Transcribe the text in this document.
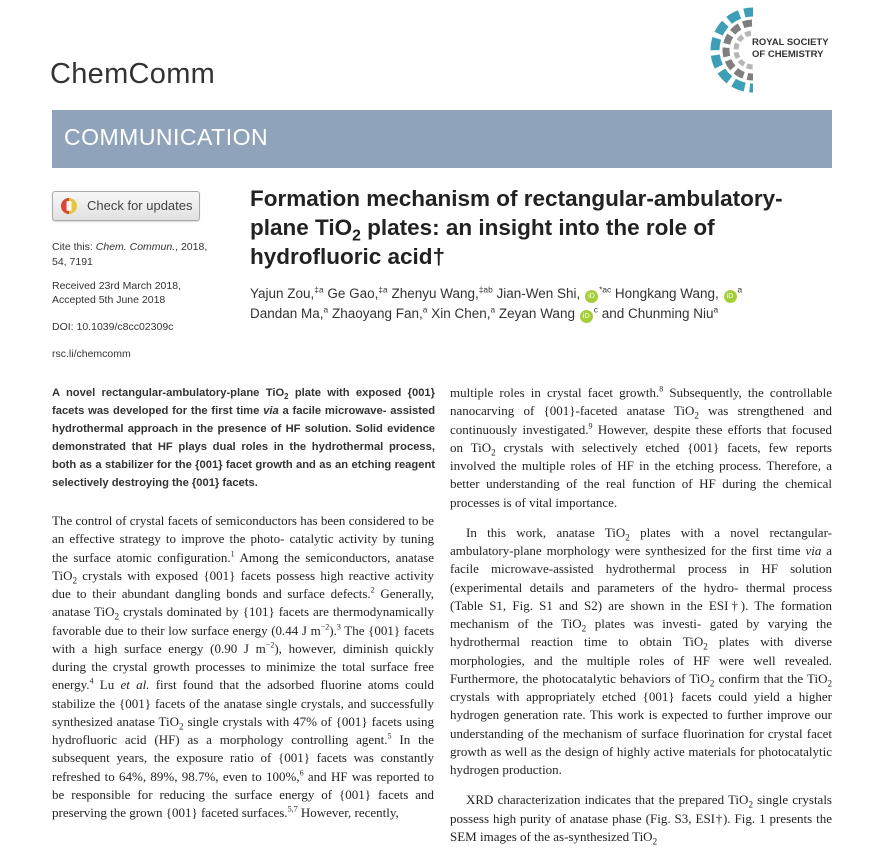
ChemComm
ROYAL SOCIETY
OF CHEMISTRY
COMMUNICATION
Check for updates
Cite this: Chem. Commun., 2018,
54, 7191
Received 23rd March 2018,
Accepted 5th June 2018
DOI: 10.1039/c8cc02309c
rsc.li/chemcomm
Formation mechanism of rectangular-ambulatory-
plane TiO$_2$ plates: an insight into the role of
hydrofluoric acid†
Yajun Zou,$^{\ddagger a}$ Ge Gao,$^{\ddagger a}$ Zhenyu Wang,$^{\ddagger ab}$ Jian-Wen Shi, $iD^{*ac}$ Hongkang Wang, $iD^a$
Dandan Ma,$^a$ Zhaoyang Fan,$^a$ Xin Chen,$^a$ Zeyan Wang $iD^c$ and Chunming Niu$^a$
A novel rectangular-ambulatory-plane TiO$_2$ plate with exposed {001} facets was developed for the first time via a facile microwave- assisted hydrothermal approach in the presence of HF solution. Solid evidence demonstrated that HF plays dual roles in the hydrothermal process, both as a stabilizer for the {001} facet growth and as an etching reagent selectively destroying the {001} facets.

The control of crystal facets of semiconductors has been considered to be an effective strategy to improve the photo- catalytic activity by tuning the surface atomic configuration.$^1$ Among the semiconductors, anatase TiO$_2$ crystals with exposed {001} facets possess high reactive activity due to their abundant dangling bonds and surface defects.$^2$ Generally, anatase TiO$_2$ crystals dominated by {101} facets are thermodynamically favorable due to their low surface energy (0.44 J $m^{-2}).^3$ The {001} facets with a high surface energy (0.90 J $m^{-2}$), however, diminish quickly during the crystal growth processes to minimize the total surface free energy.$^4$ Lu et al. first found that the adsorbed fluorine atoms could stabilize the {001} facets of the anatase single crystals, and successfully synthesized anatase TiO$_2$ single crystals with 47% of {001} facets using hydrofluoric acid (HF) as a morphology controlling agent.$^5$ In the subsequent years, the exposure ratio of {001} facets was constantly refreshed to 64%, 89%, 98.7%, even to 100%,$^6$ and HF was reported to be responsible for reducing the surface energy of {001} facets and preserving the grown {001} faceted surfaces.$^{5,7}$ However, recently,

multiple roles in crystal facet growth.$^8$ Subsequently, the controllable nanocarving of {001}-faceted anatase TiO$_2$ was strengthened and continuously investigated.$^9$ However, despite these efforts that focused on TiO$_2$ crystals with selectively etched {001} facets, few reports involved the multiple roles of HF in the etching process. Therefore, a better understanding of the real function of HF during the chemical processes is of vital importance.

In this work, anatase TiO$_2$ plates with a novel rectangular- ambulatory-plane morphology were synthesized for the first time via a facile microwave-assisted hydrothermal process in HF solution (experimental details and parameters of the hydro- thermal process (Table S1, Fig. S1 and S2) are shown in the ESI†). The formation mechanism of the TiO$_2$ plates was investi- gated by varying the hydrothermal reaction time to obtain TiO$_2$ plates with diverse morphologies, and the multiple roles of HF were well revealed. Furthermore, the photocatalytic behaviors of TiO$_2$ confirm that the TiO$_2$ crystals with appropriately etched {001} facets could yield a higher hydrogen generation rate. This work is expected to further improve our understanding of the mechanism of surface fluorination for crystal facet growth as well as the design of highly active materials for photocatalytic hydrogen production.

XRD characterization indicates that the prepared TiO$_2$ single crystals possess high purity of anatase phase (Fig. S3, ESI†). Fig. 1 presents the SEM images of the as-synthesized TiO$_2$
